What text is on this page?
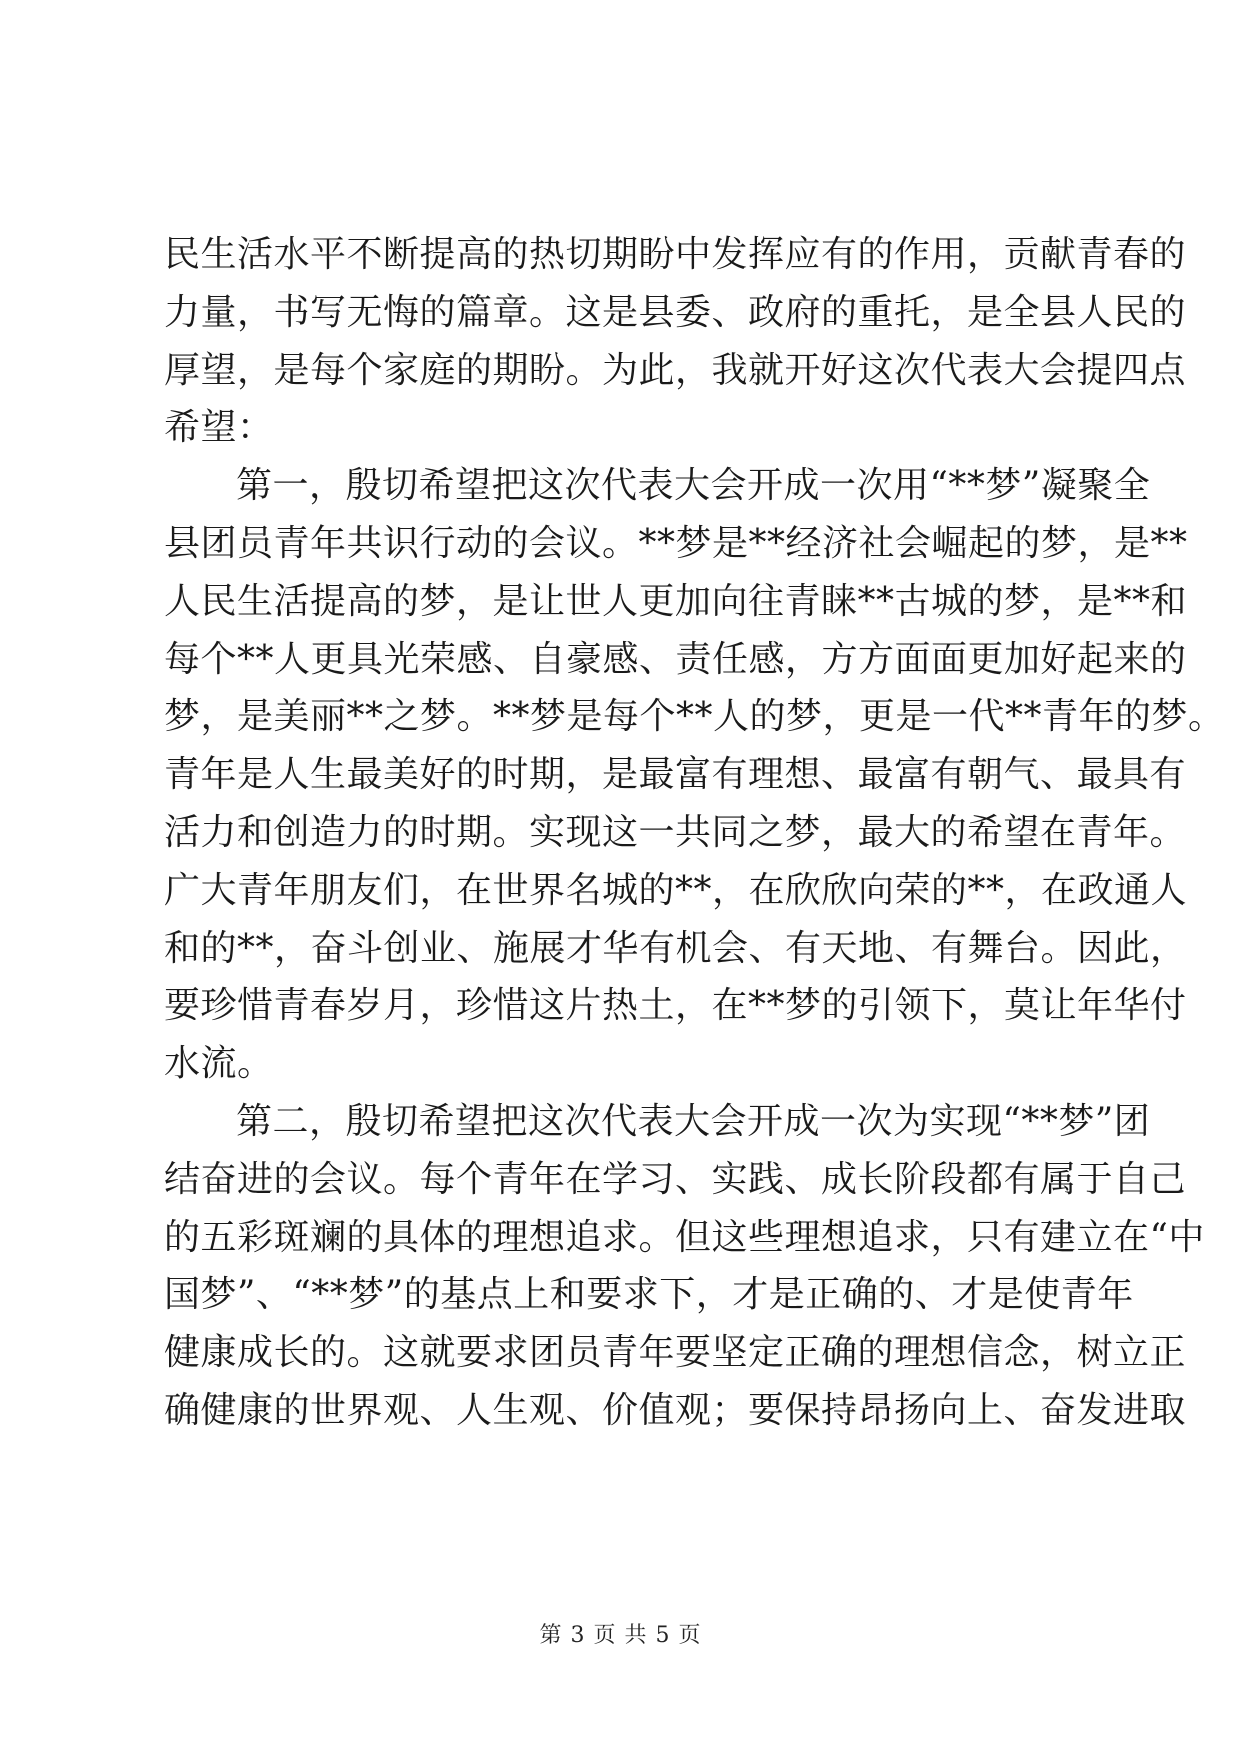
民生活水平不断提高的热切期盼中发挥应有的作用，贡献青春的
力量，书写无悔的篇章。这是县委、政府的重托，是全县人民的
厚望，是每个家庭的期盼。为此，我就开好这次代表大会提四点
希望：
第一，殷切希望把这次代表大会开成一次用“**梦”凝聚全
县团员青年共识行动的会议。**梦是**经济社会崛起的梦，是**
人民生活提高的梦，是让世人更加向往青睐**古城的梦，是**和
每个**人更具光荣感、自豪感、责任感，方方面面更加好起来的
梦，是美丽**之梦。**梦是每个**人的梦，更是一代**青年的梦。
青年是人生最美好的时期，是最富有理想、最富有朝气、最具有
活力和创造力的时期。实现这一共同之梦，最大的希望在青年。
广大青年朋友们，在世界名城的**，在欣欣向荣的**，在政通人
和的**，奋斗创业、施展才华有机会、有天地、有舞台。因此，
要珍惜青春岁月，珍惜这片热土，在**梦的引领下，莫让年华付
水流。
第二，殷切希望把这次代表大会开成一次为实现“**梦”团
结奋进的会议。每个青年在学习、实践、成长阶段都有属于自己
的五彩斑斓的具体的理想追求。但这些理想追求，只有建立在“中
国梦”、“**梦”的基点上和要求下，才是正确的、才是使青年
健康成长的。这就要求团员青年要坚定正确的理想信念，树立正
确健康的世界观、人生观、价值观；要保持昂扬向上、奋发进取
第 3 页 共 5 页
